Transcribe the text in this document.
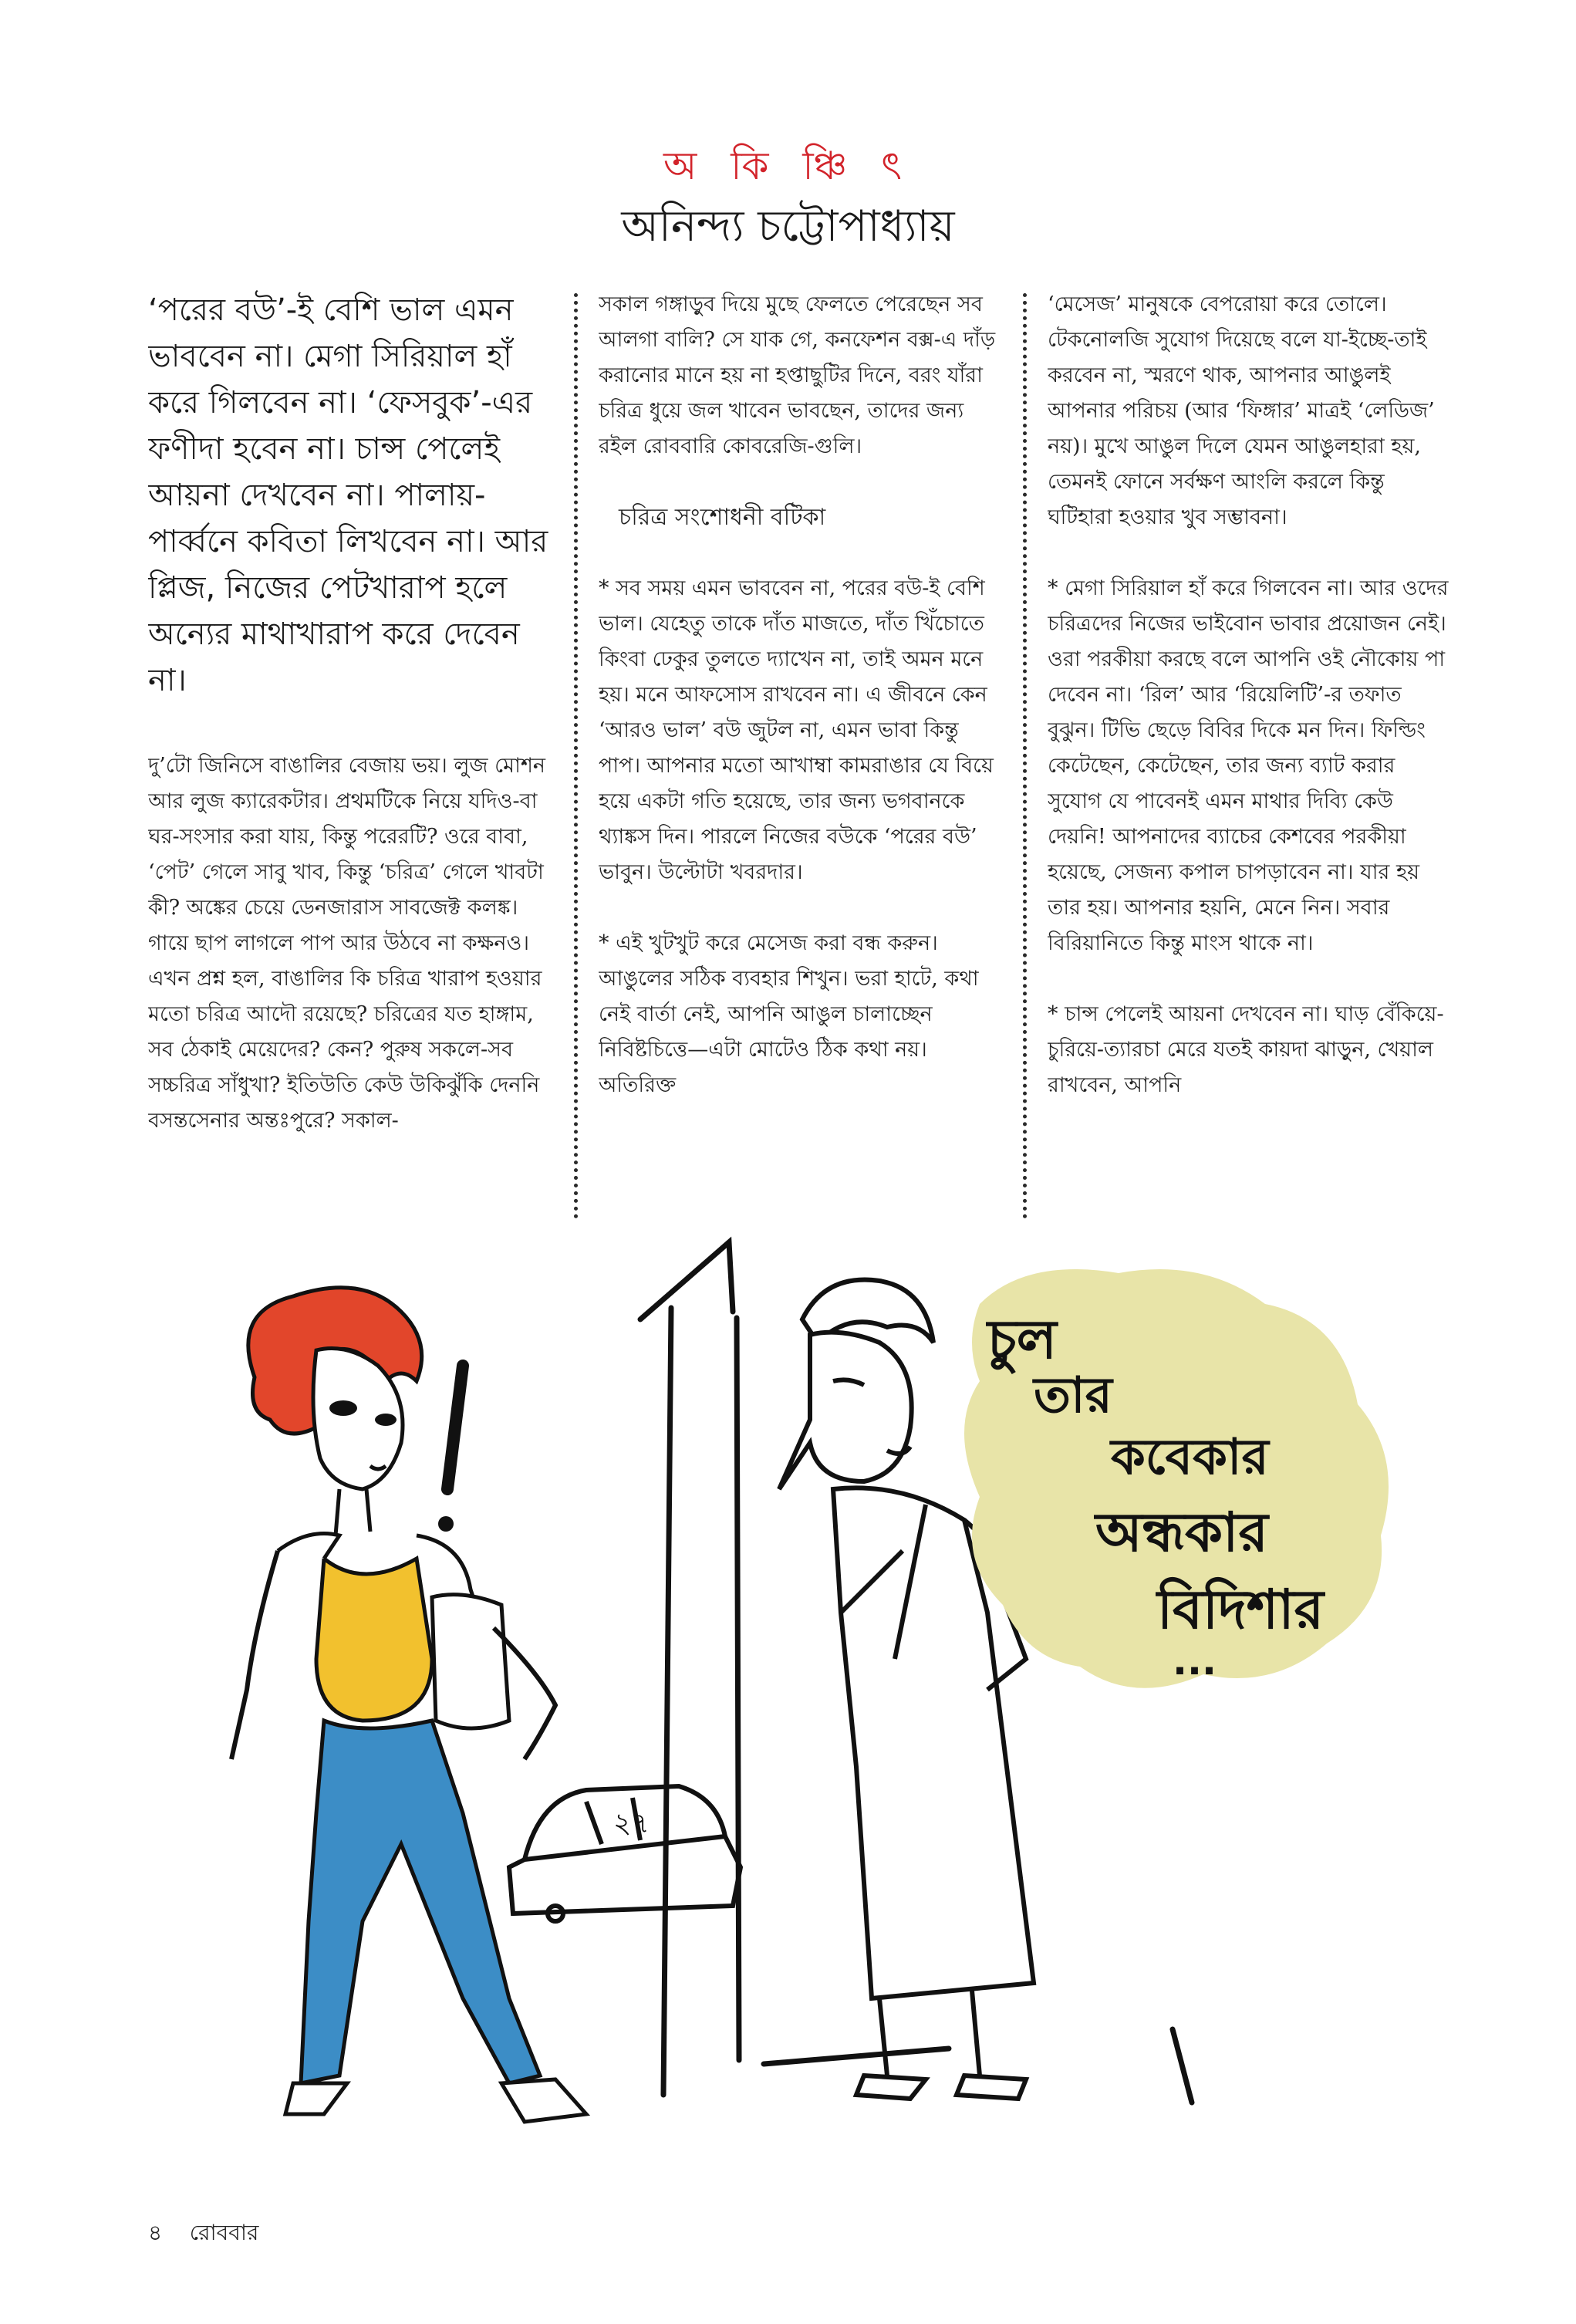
অ কি ঞ্চি ৎ
অনিন্দ্য চট্টোপাধ্যায়

‘পরের বউ’-ই বেশি ভাল এমন ভাববেন না। মেগা সিরিয়াল হাঁ করে গিলবেন না। ‘ফেসবুক’-এর ফণীদা হবেন না। চান্স পেলেই আয়না দেখবেন না। পালায়-পার্ব্বনে কবিতা লিখবেন না। আর প্লিজ, নিজের পেটখারাপ হলে অন্যের মাথাখারাপ করে দেবেন না।

দু’টো জিনিসে বাঙালির বেজায় ভয়। লুজ মোশন আর লুজ ক্যারেকটার। প্রথমটিকে নিয়ে যদিও-বা ঘর-সংসার করা যায়, কিন্তু পরেরটি? ওরে বাবা, ‘পেট’ গেলে সাবু খাব, কিন্তু ‘চরিত্র’ গেলে খাবটা কী? অঙ্কের চেয়ে ডেনজারাস সাবজেক্ট কলঙ্ক। গায়ে ছাপ লাগলে পাপ আর উঠবে না কক্ষনও। এখন প্রশ্ন হল, বাঙালির কি চরিত্র খারাপ হওয়ার মতো চরিত্র আদৌ রয়েছে? চরিত্রের যত হাঙ্গাম, সব ঠেকাই মেয়েদের? কেন? পুরুষ সকলে-সব সচ্চরিত্র সাঁধুখা? ইতিউতি কেউ উকিঝুঁকি দেননি বসন্তসেনার অন্তঃপুরে? সকাল-

সকাল গঙ্গাড়ুব দিয়ে মুছে ফেলতে পেরেছেন সব আলগা বালি? সে যাক গে, কনফেশন বক্স-এ দাঁড় করানোর মানে হয় না হপ্তাছুটির দিনে, বরং যাঁরা চরিত্র ধুয়ে জল খাবেন ভাবছেন, তাদের জন্য রইল রোববারি কোবরেজি-গুলি।

চরিত্র সংশোধনী বটিকা

* সব সময় এমন ভাববেন না, পরের বউ-ই বেশি ভাল। যেহেতু তাকে দাঁত মাজতে, দাঁত খিঁচোতে কিংবা ঢেকুর তুলতে দ্যাখেন না, তাই অমন মনে হয়। মনে আফসোস রাখবেন না। এ জীবনে কেন ‘আরও ভাল’ বউ জুটল না, এমন ভাবা কিন্তু পাপ। আপনার মতো আখাম্বা কামরাঙার যে বিয়ে হয়ে একটা গতি হয়েছে, তার জন্য ভগবানকে থ্যাঙ্কস দিন। পারলে নিজের বউকে ‘পরের বউ’ ভাবুন। উল্টোটা খবরদার।

* এই খুটখুট করে মেসেজ করা বন্ধ করুন। আঙুলের সঠিক ব্যবহার শিখুন। ভরা হাটে, কথা নেই বার্তা নেই, আপনি আঙুল চালাচ্ছেন নিবিষ্টচিত্তে—এটা মোটেও ঠিক কথা নয়। অতিরিক্ত

‘মেসেজ’ মানুষকে বেপরোয়া করে তোলে। টেকনোলজি সুযোগ দিয়েছে বলে যা-ইচ্ছে-তাই করবেন না, স্মরণে থাক, আপনার আঙুলই আপনার পরিচয় (আর ‘ফিঙ্গার’ মাত্রই ‘লেডিজ’ নয়)। মুখে আঙুল দিলে যেমন আঙুলহারা হয়, তেমনই ফোনে সর্বক্ষণ আংলি করলে কিন্তু ঘটিহারা হওয়ার খুব সম্ভাবনা।

* মেগা সিরিয়াল হাঁ করে গিলবেন না। আর ওদের চরিত্রদের নিজের ভাইবোন ভাবার প্রয়োজন নেই। ওরা পরকীয়া করছে বলে আপনি ওই নৌকোয় পা দেবেন না। ‘রিল’ আর ‘রিয়েলিটি’-র তফাত বুঝুন। টিভি ছেড়ে বিবির দিকে মন দিন। ফিল্ডিং কেটেছেন, কেটেছেন, তার জন্য ব্যাট করার সুযোগ যে পাবেনই এমন মাথার দিব্যি কেউ দেয়নি! আপনাদের ব্যাচের কেশবের পরকীয়া হয়েছে, সেজন্য কপাল চাপড়াবেন না। যার হয় তার হয়। আপনার হয়নি, মেনে নিন। সবার বিরিয়ানিতে কিন্তু মাংস থাকে না।

* চান্স পেলেই আয়না দেখবেন না। ঘাড় বেঁকিয়ে-চুরিয়ে-ত্যারচা মেরে যতই কায়দা ঝাড়ুন, খেয়াল রাখবেন, আপনি

২৭
চুল
তার
কবেকার
অন্ধকার
বিদিশার
...
৪ রোববার
